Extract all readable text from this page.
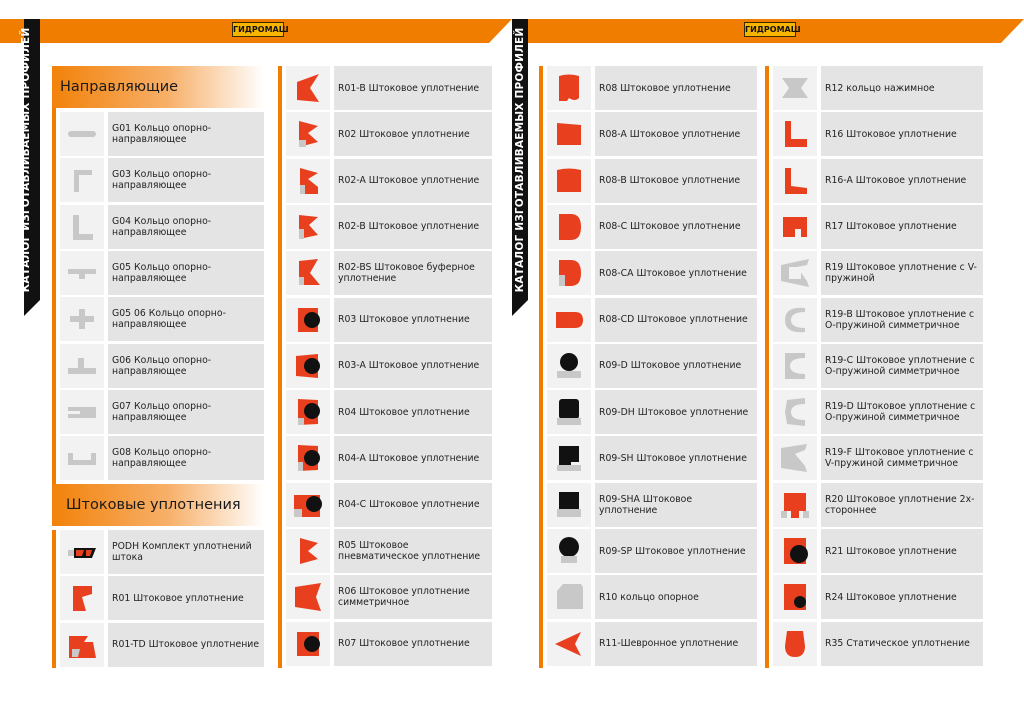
ГИДРОМАШ
КАТАЛОГ ИЗГОТАВЛИВАЕМЫХ ПРОФИЛЕЙ Направляющие
Штоковые уплотнения
G01 Кольцо опорно-направляющее
G03 Кольцо опорно-направляющее
G04 Кольцо опорно-направляющее
G05 Кольцо опорно-направляющее
G05 06 Кольцо опорно-направляющее
G06 Кольцо опорно-направляющее
G07 Кольцо опорно-направляющее
G08 Кольцо опорно-направляющее
PODH Комплект уплотнений штока
R01 Штоковое уплотнение
R01-TD Штоковое уплотнение
R01-B Штоковое уплотнение
R02 Штоковое уплотнение
R02-A Штоковое уплотнение
R02-B Штоковое уплотнение
R02-BS Штоковое буферное уплотнение
R03 Штоковое уплотнение
R03-A Штоковое уплотнение
R04 Штоковое уплотнение
R04-A Штоковое уплотнение
R04-C Штоковое уплотнение
R05 Штоковое пневматическое уплотнение
R06 Штоковое уплотнение симметричное
R07 Штоковое уплотнение
ГИДРОМАШ
КАТАЛОГ ИЗГОТАВЛИВАЕМЫХ ПРОФИЛЕЙ	R08 Штоковое уплотнение
R08-A Штоковое уплотнение
R08-B Штоковое уплотнение
R08-C Штоковое уплотнение
R08-CA Штоковое уплотнение
R08-CD Штоковое уплотнение
R09-D Штоковое уплотнение
R09-DH Штоковое уплотнение
R09-SH Штоковое уплотнение
R09-SHA Штоковое уплотнение
R09-SP Штоковое уплотнение
R10 кольцо опорное
R11-Шевронное уплотнение
R12 кольцо нажимное
R16 Штоковое уплотнение
R16-A Штоковое уплотнение
R17 Штоковое уплотнение
R19 Штоковое уплотнение с V-пружиной
R19-B Штоковое уплотнение с О-пружиной симметричное
R19-C Штоковое уплотнение с О-пружиной симметричное
R19-D Штоковое уплотнение с О-пружиной симметричное
R19-F Штоковое уплотнение с V-пружиной симметричное
R20 Штоковое уплотнение 2х-стороннее
R21 Штоковое уплотнение
R24 Штоковое уплотнение
R35 Статическое уплотнение
